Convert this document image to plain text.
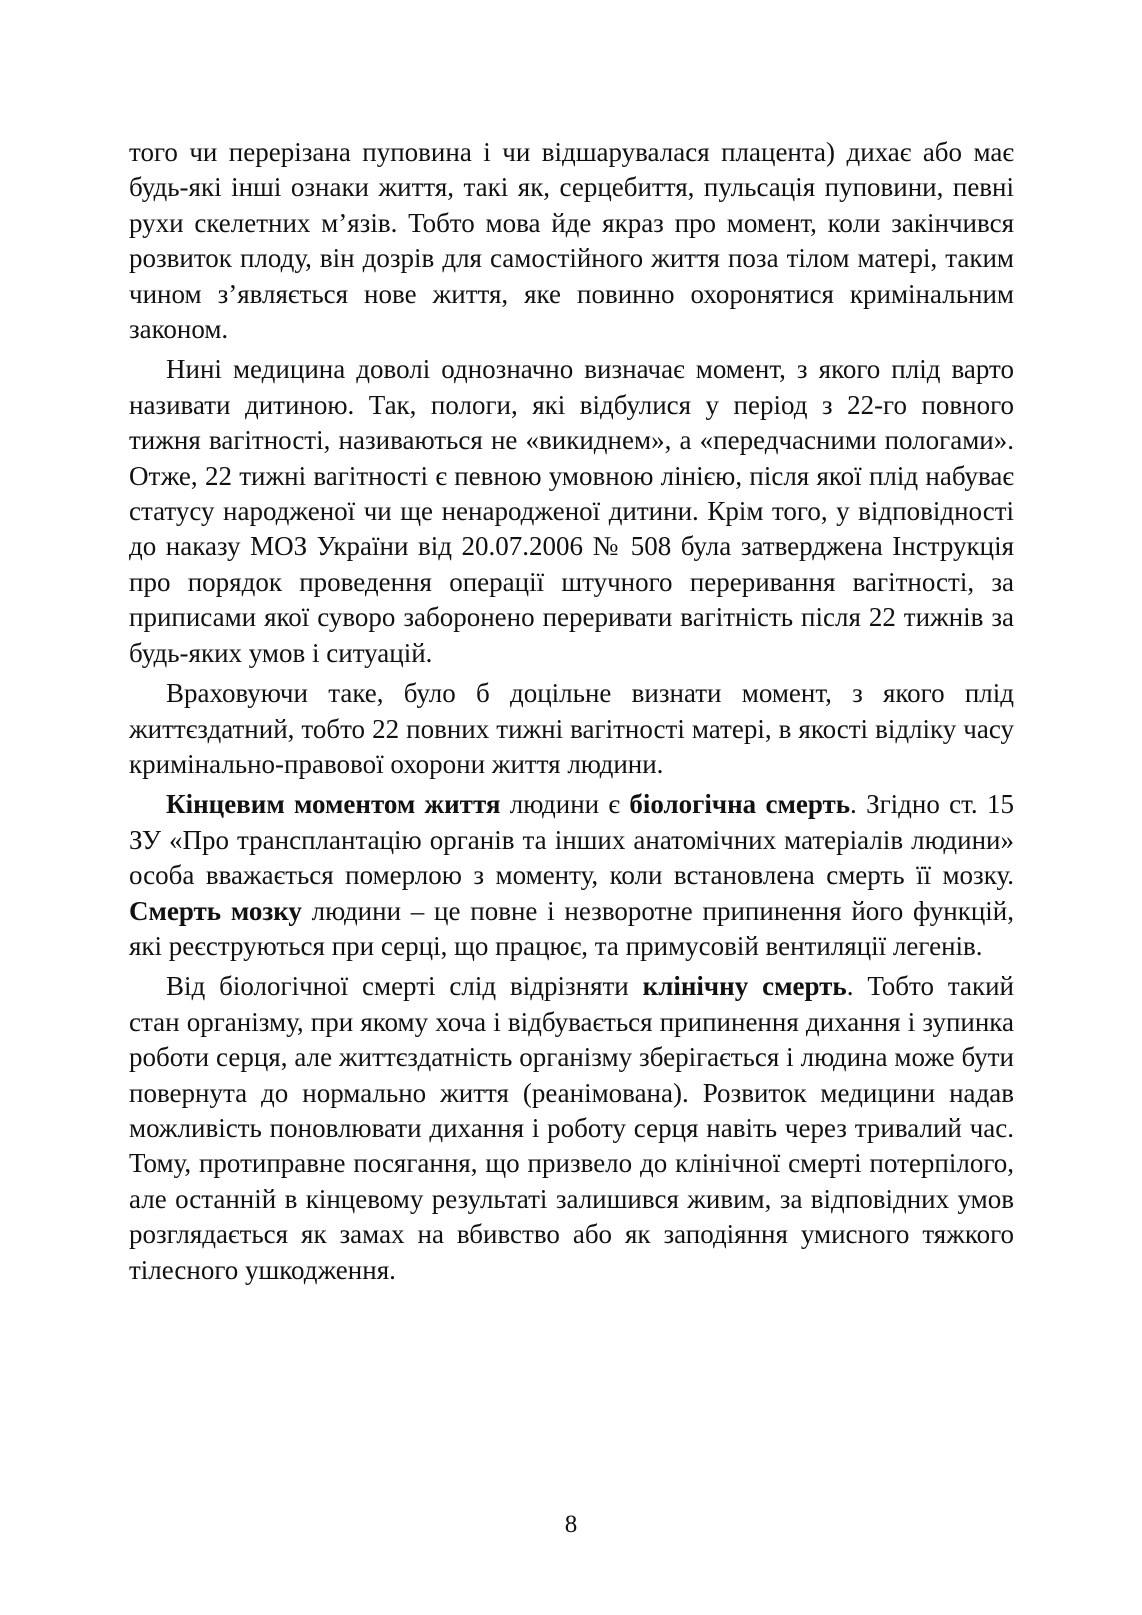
того чи перерізана пуповина і чи відшарувалася плацента) дихає або має будь-які інші ознаки життя, такі як, серцебиття, пульсація пуповини, певні рухи скелетних м’язів. Тобто мова йде якраз про момент, коли закінчився розвиток плоду, він дозрів для самостійного життя поза тілом матері, таким чином з’являється нове життя, яке повинно охоронятися кримінальним законом.

Нині медицина доволі однозначно визначає момент, з якого плід варто називати дитиною. Так, пологи, які відбулися у період з 22-го повного тижня вагітності, називаються не «викиднем», а «передчасними пологами». Отже, 22 тижні вагітності є певною умовною лінією, після якої плід набуває статусу народженої чи ще ненародженої дитини. Крім того, у відповідності до наказу МОЗ України від 20.07.2006 № 508 була затверджена Інструкція про порядок проведення операції штучного переривання вагітності, за приписами якої суворо заборонено переривати вагітність після 22 тижнів за будь-яких умов і ситуацій.

Враховуючи таке, було б доцільне визнати момент, з якого плід життєздатний, тобто 22 повних тижні вагітності матері, в якості відліку часу кримінально-правової охорони життя людини.

Кінцевим моментом життя людини є біологічна смерть. Згідно ст. 15 ЗУ «Про трансплантацію органів та інших анатомічних матеріалів людини» особа вважається померлою з моменту, коли встановлена смерть її мозку. Смерть мозку людини – це повне і незворотне припинення його функцій, які реєструються при серці, що працює, та примусовій вентиляції легенів.

Від біологічної смерті слід відрізняти клінічну смерть. Тобто такий стан організму, при якому хоча і відбувається припинення дихання і зупинка роботи серця, але життєздатність організму зберігається і людина може бути повернута до нормально життя (реанімована). Розвиток медицини надав можливість поновлювати дихання і роботу серця навіть через тривалий час. Тому, протиправне посягання, що призвело до клінічної смерті потерпілого, але останній в кінцевому результаті залишився живим, за відповідних умов розглядається як замах на вбивство або як заподіяння умисного тяжкого тілесного ушкодження.

8
